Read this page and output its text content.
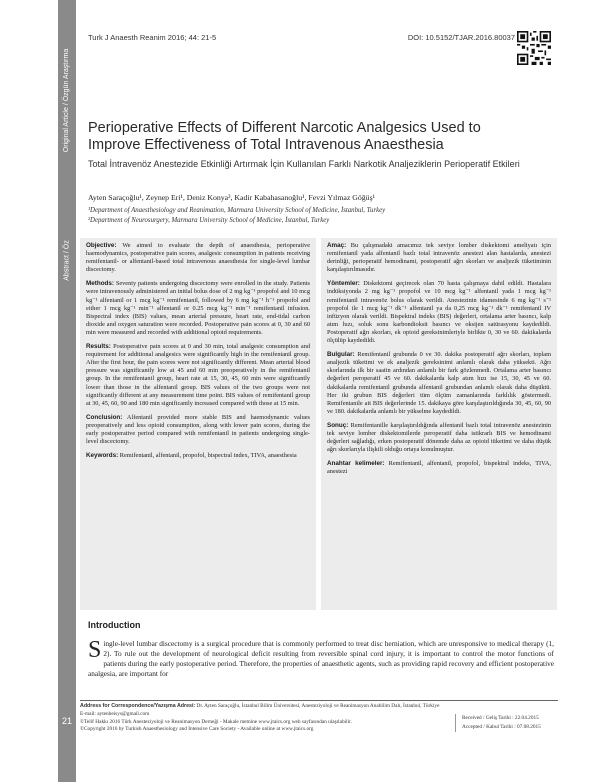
Original Article / Özgün Araştırma
Abstract / Öz
21
Turk J Anaesth Reanim 2016; 44: 21-5	DOI: 10.5152/TJAR.2016.80037
Perioperative Effects of Different Narcotic Analgesics Used to Improve Effectiveness of Total Intravenous Anaesthesia
Total İntravenöz Anestezide Etkinliği Artırmak İçin Kullanılan Farklı Narkotik Analjeziklerin Perioperatif Etkileri
Ayten Saraçoğlu¹, Zeynep Eri¹, Deniz Konya², Kadir Kabahasanoğlu¹, Fevzi Yılmaz Göğüş¹
¹Department of Anaesthesiology and Reanimation, Marmara University School of Medicine, İstanbul, Turkey
²Department of Neurosurgery, Marmara University School of Medicine, İstanbul, Turkey

Objective: We aimed to evaluate the depth of anaesthesia, perioperative haemodynamics, postoperative pain scores, analgesic consumption in patients receiving remifentanil- or alfentanil-based total intravenous anaesthesia for single-level lumbar discectomy.

Methods: Seventy patients undergoing discectomy were enrolled in the study. Patients were intravenously administered an initial bolus dose of 2 mg kg⁻¹ propofol and 10 mcg kg⁻¹ alfentanil or 1 mcg kg⁻¹ remifentanil, followed by 6 mg kg⁻¹ h⁻¹ propofol and either 1 mcg kg⁻¹ min⁻¹ alfentanil or 0.25 mcg kg⁻¹ min⁻¹ remifentanil infusion. Bispectral index (BIS) values, mean arterial pressure, heart rate, end-tidal carbon dioxide and oxygen saturation were recorded. Postoperative pain scores at 0, 30 and 60 min were measured and recorded with additional opioid requirements.

Results: Postoperative pain scores at 0 and 30 min, total analgesic consumption and requirement for additional analgesics were significantly high in the remifentanil group. After the first hour, the pain scores were not significantly different. Mean arterial blood pressure was significantly low at 45 and 60 min preoperatively in the remifentanil group. In the remifentanil group, heart rate at 15, 30, 45, 60 min were significantly lower than those in the alfentanil group. BIS values of the two groups were not significantly different at any measurement time point. BIS values of remifentanil group at 30, 45, 60, 90 and 180 min significantly increased compared with those at 15 min.

Conclusion: Alfentanil provided more stable BIS and haemodynamic values preoperatively and less opioid consumption, along with lower pain scores, during the early postoperative period compared with remifentanil in patients undergoing single-level discectomy.

Keywords: Remifentanil, alfentanil, propofol, bispectral index, TIVA, anaesthesia

Amaç: Bu çalışmadaki amacımız tek seviye lomber diskektomi ameliyatı için remifentanil yada alfentanil bazlı total intravenöz anestezi alan hastalarda, anestezi derinliği, perioperatif hemodinami, postoperatif ağrı skorları ve analjezik tüketiminin karşılaştırılmasıdır.

Yöntemler: Diskektomi geçirecek olan 70 hasta çalışmaya dahil edildi. Hastalara indüksiyonda 2 mg kg⁻¹ propofol ve 10 mcg kg⁻¹ alfentanil yada 1 mcg kg⁻¹ remifentanil intravenöz bolus olarak verildi. Anestezinin idamesinde 6 mg kg⁻¹ s⁻¹ propofol ile 1 mcg kg⁻¹ dk⁻¹ alfentanil ya da 0,25 mcg kg⁻¹ dk⁻¹ remifentanil IV infüzyon olarak verildi. Bispektral indeks (BIS) değerleri, ortalama arter basıncı, kalp atım hızı, soluk sonu karbondioksit basıncı ve oksijen satürasyonu kaydedildi. Postoperatif ağrı skorları, ek opioid gereksinimleriyle birlikte 0, 30 ve 60. dakikalarda ölçülüp kaydedildi.

Bulgular: Remifentanil grubunda 0 ve 30. dakika postoperatif ağrı skorları, toplam analjezik tüketimi ve ek analjezik gereksinimi anlamlı olarak daha yüksekti. Ağrı skorlarında ilk bir saatin ardından anlamlı bir fark gözlenmedi. Ortalama arter basıncı değerleri peroperatif 45 ve 60. dakikalarda kalp atım hızı ise 15, 30, 45 ve 60. dakikalarda remifentanil grubunda alfentanil grubundan anlamlı olarak daha düşüktü. Her iki grubun BIS değerleri tüm ölçüm zamanlarında farklılık göstermedi. Remifentanile ait BIS değerlerinde 15. dakikaya göre karşılaştırıldığında 30, 45, 60, 90 ve 180. dakikalarda anlamlı bir yükselme kaydedildi.

Sonuç: Remifentanille karşılaştırıldığında alfentanil bazlı total intravenöz anestezinin tek seviye lomber diskektomilerde peroperatif daha istikrarlı BIS ve hemodinami değerleri sağladığı, erken postoperatif dönemde daha az opioid tüketimi ve daha düşük ağrı skorlarıyla ilişkili olduğu ortaya konulmuştur.

Anahtar kelimeler: Remifentanil, alfentanil, propofol, bispektral indeks, TIVA, anestezi

Introduction
Single-level lumbar discectomy is a surgical procedure that is commonly performed to treat disc herniation, which are unresponsive to medical therapy (1, 2). To rule out the development of neurological deficit resulting from reversible spinal cord injury, it is important to control the motor functions of patients during the early postoperative period. Therefore, the properties of anaesthetic agents, such as providing rapid recovery and efficient postoperative analgesia, are important for
Address for Correspondence/Yazışma Adresi: Dr. Ayten Saraçoğlu, İstanbul Bilim Üniversitesi, Anesteziyoloji ve Reanimasyon Anabilim Dalı, İstanbul, Türkiye E-mail: aytenbeisys@gmail.com
©Telif Hakkı 2016 Türk Anesteziyoloji ve Reanimasyon Derneği - Makale metnine www.jtaics.org web sayfasından ulaşılabilir.
©Copyright 2016 by Turkish Anaesthesiology and Intensive Care Society - Available online at www.jtaics.org
Received / Geliş Tarihi : 22.04.2015
Accepted / Kabul Tarihi : 07.08.2015
